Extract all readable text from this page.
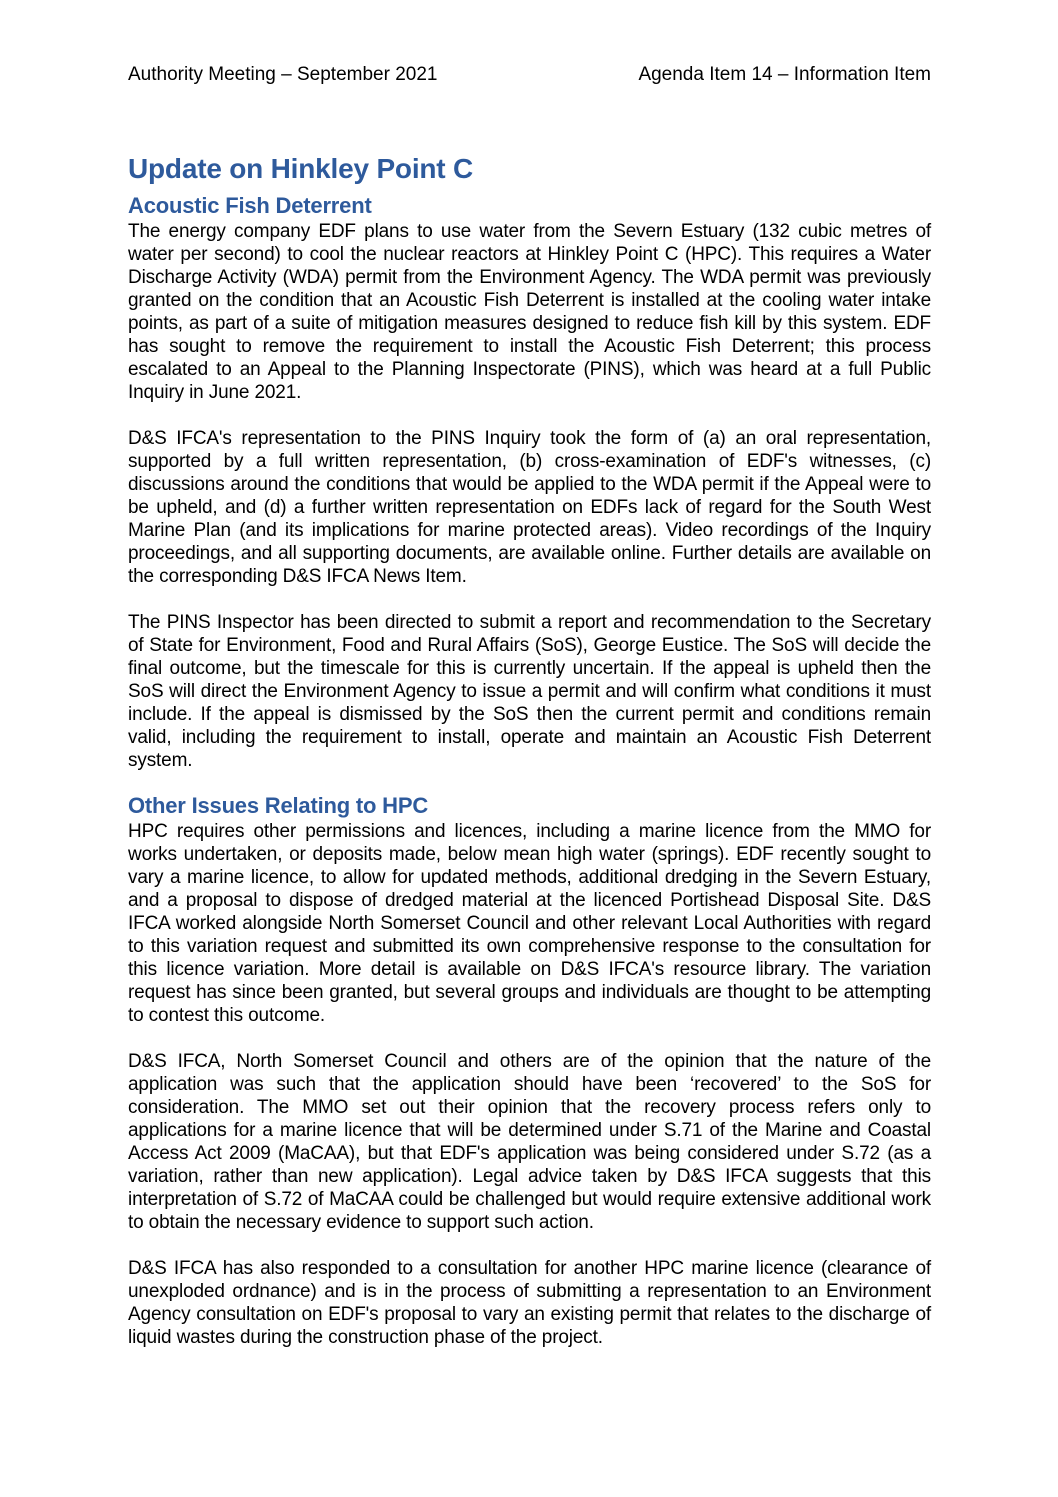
Authority Meeting – September 2021	Agenda Item 14 – Information Item
Update on Hinkley Point C
Acoustic Fish Deterrent

The energy company EDF plans to use water from the Severn Estuary (132 cubic metres of water per second) to cool the nuclear reactors at Hinkley Point C (HPC). This requires a Water Discharge Activity (WDA) permit from the Environment Agency. The WDA permit was previously granted on the condition that an Acoustic Fish Deterrent is installed at the cooling water intake points, as part of a suite of mitigation measures designed to reduce fish kill by this system. EDF has sought to remove the requirement to install the Acoustic Fish Deterrent; this process escalated to an Appeal to the Planning Inspectorate (PINS), which was heard at a full Public Inquiry in June 2021.

D&S IFCA's representation to the PINS Inquiry took the form of (a) an oral representation, supported by a full written representation, (b) cross-examination of EDF's witnesses, (c) discussions around the conditions that would be applied to the WDA permit if the Appeal were to be upheld, and (d) a further written representation on EDFs lack of regard for the South West Marine Plan (and its implications for marine protected areas). Video recordings of the Inquiry proceedings, and all supporting documents, are available online. Further details are available on the corresponding D&S IFCA News Item.

The PINS Inspector has been directed to submit a report and recommendation to the Secretary of State for Environment, Food and Rural Affairs (SoS), George Eustice. The SoS will decide the final outcome, but the timescale for this is currently uncertain. If the appeal is upheld then the SoS will direct the Environment Agency to issue a permit and will confirm what conditions it must include. If the appeal is dismissed by the SoS then the current permit and conditions remain valid, including the requirement to install, operate and maintain an Acoustic Fish Deterrent system.

Other Issues Relating to HPC

HPC requires other permissions and licences, including a marine licence from the MMO for works undertaken, or deposits made, below mean high water (springs). EDF recently sought to vary a marine licence, to allow for updated methods, additional dredging in the Severn Estuary, and a proposal to dispose of dredged material at the licenced Portishead Disposal Site. D&S IFCA worked alongside North Somerset Council and other relevant Local Authorities with regard to this variation request and submitted its own comprehensive response to the consultation for this licence variation. More detail is available on D&S IFCA's resource library. The variation request has since been granted, but several groups and individuals are thought to be attempting to contest this outcome.

D&S IFCA, North Somerset Council and others are of the opinion that the nature of the application was such that the application should have been ‘recovered’ to the SoS for consideration. The MMO set out their opinion that the recovery process refers only to applications for a marine licence that will be determined under S.71 of the Marine and Coastal Access Act 2009 (MaCAA), but that EDF's application was being considered under S.72 (as a variation, rather than new application). Legal advice taken by D&S IFCA suggests that this interpretation of S.72 of MaCAA could be challenged but would require extensive additional work to obtain the necessary evidence to support such action.

D&S IFCA has also responded to a consultation for another HPC marine licence (clearance of unexploded ordnance) and is in the process of submitting a representation to an Environment Agency consultation on EDF's proposal to vary an existing permit that relates to the discharge of liquid wastes during the construction phase of the project.
